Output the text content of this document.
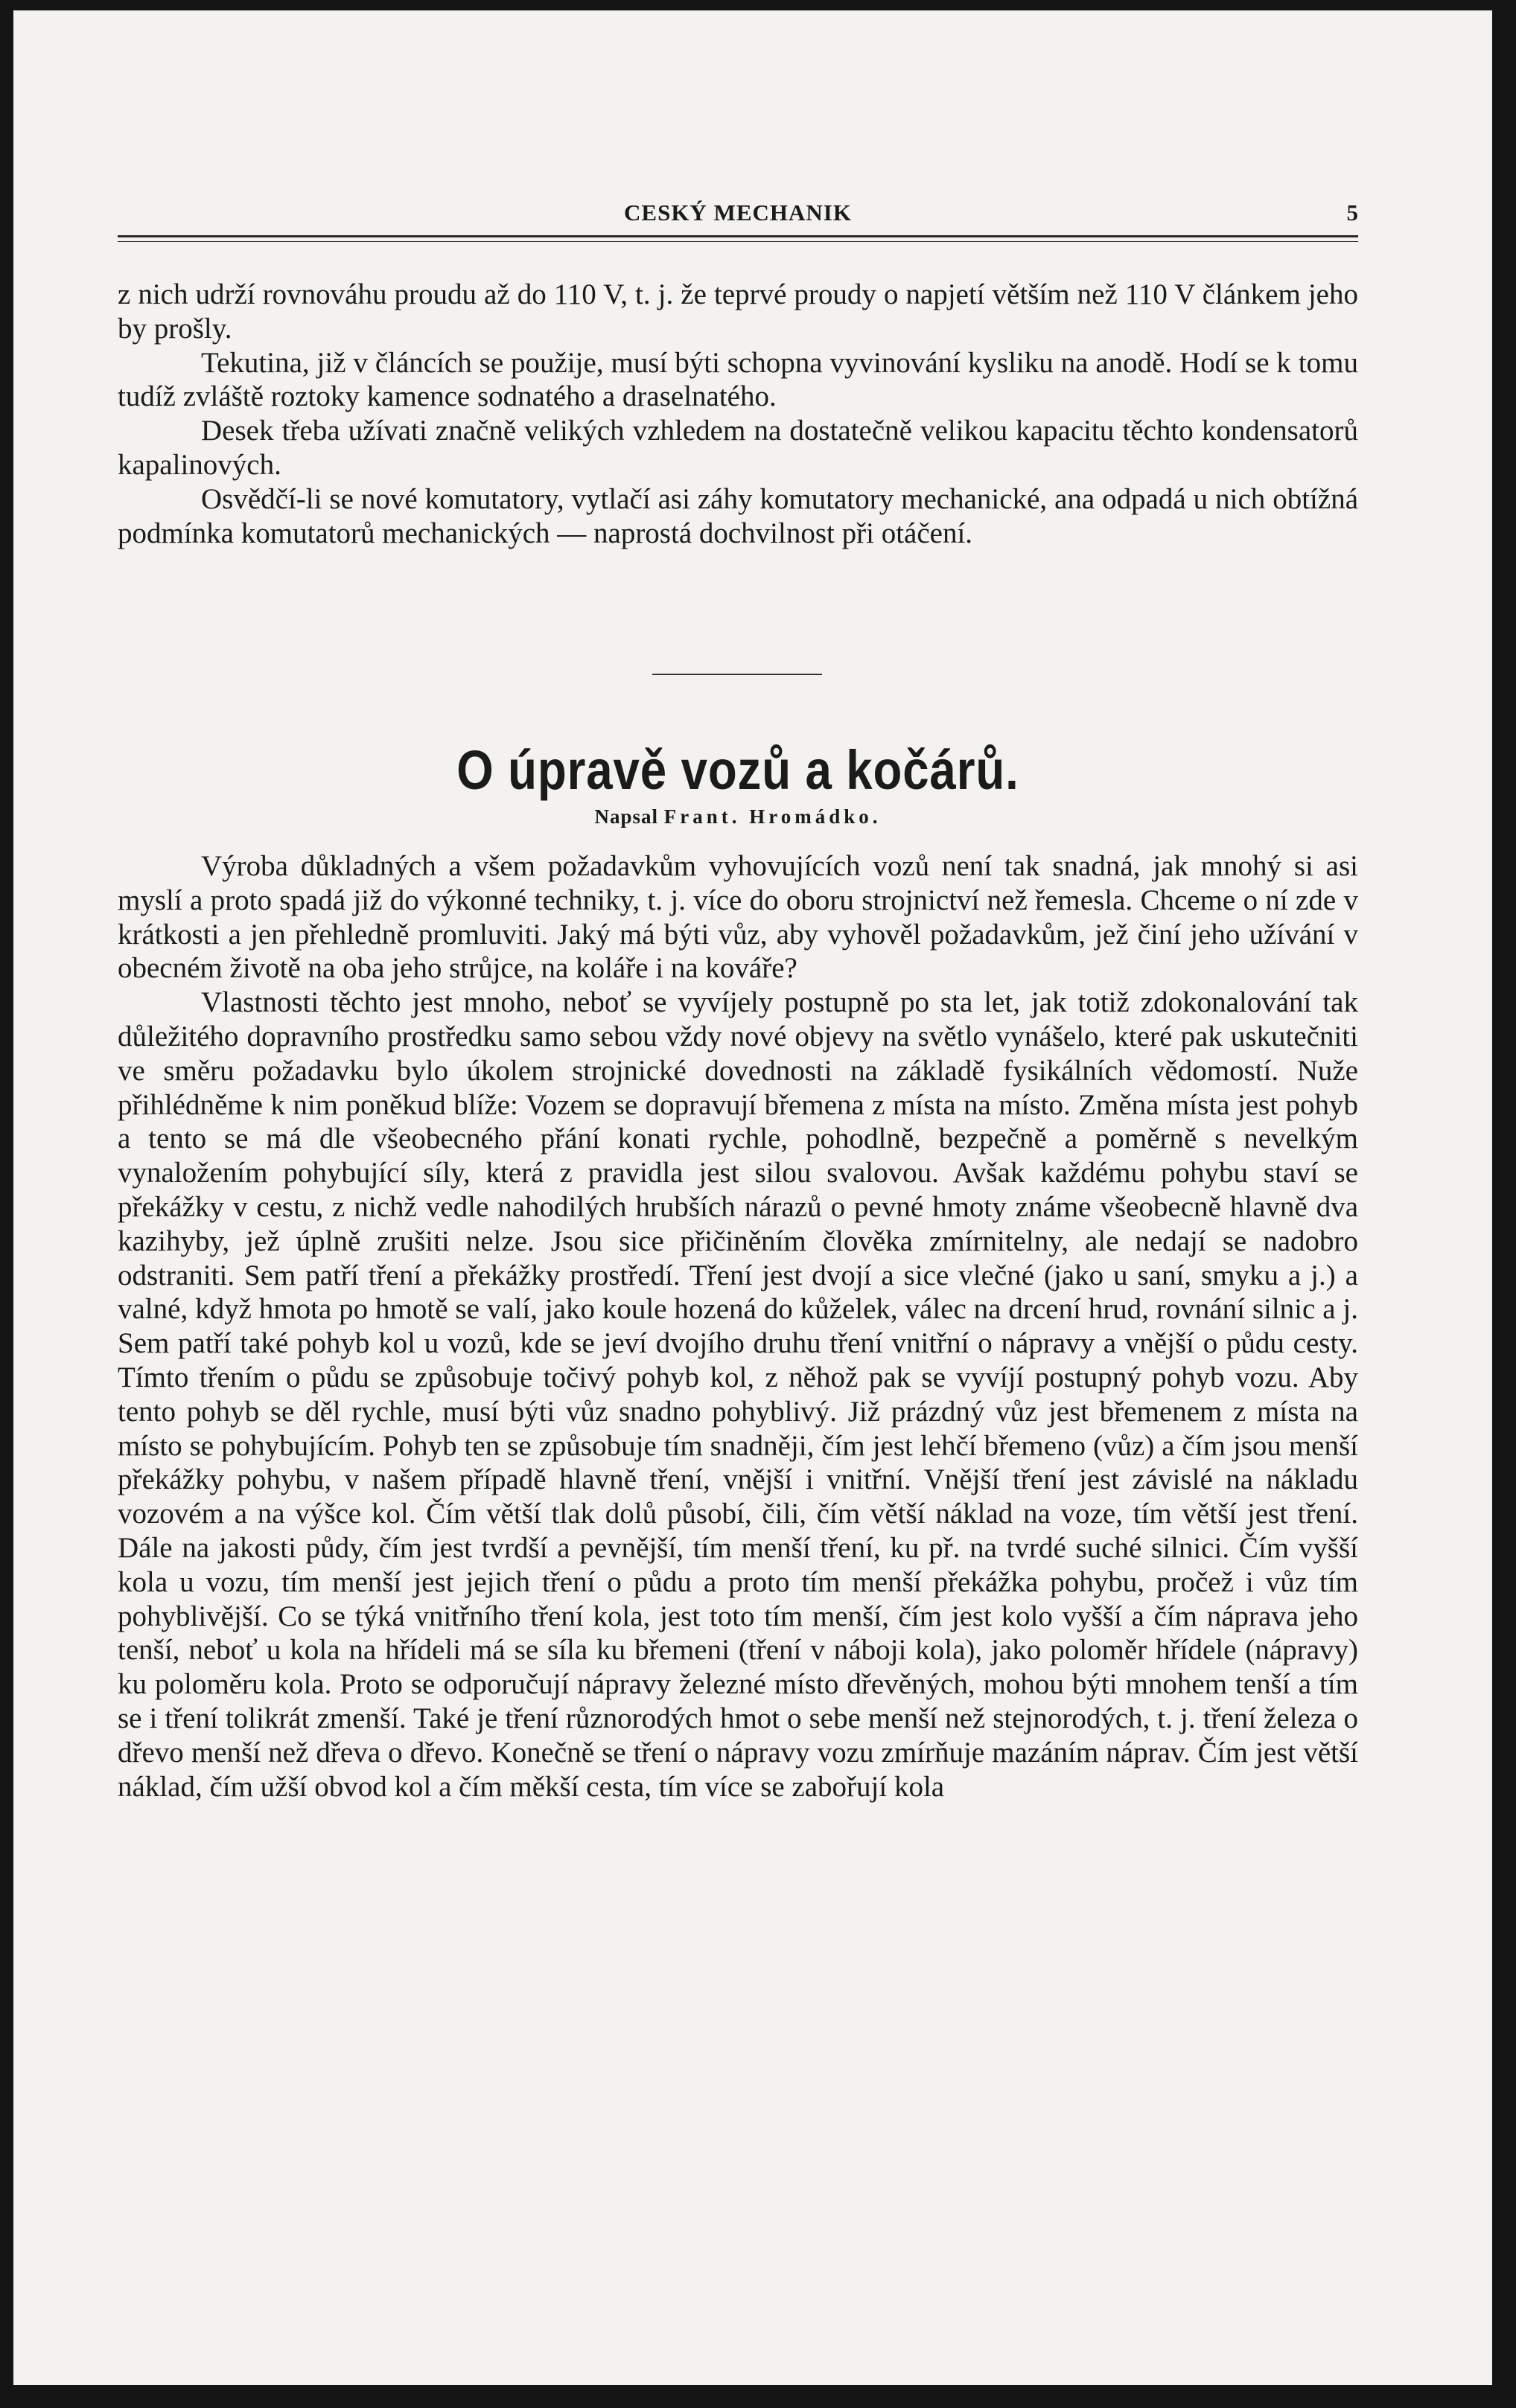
CESKÝ MECHANIK	5

z nich udrží rovnováhu proudu až do 110 V, t. j. že teprvé proudy o napjetí větším než 110 V článkem jeho by prošly.

Tekutina, již v článcích se použije, musí býti schopna vyvinování kysliku na anodě. Hodí se k tomu tudíž zvláště roztoky kamence sodnatého a draselnatého.

Desek třeba užívati značně velikých vzhledem na dostatečně velikou kapacitu těchto kondensatorů kapalinových.

Osvědčí-li se nové komutatory, vytlačí asi záhy komutatory mechanické, ana odpadá u nich obtížná podmínka komutatorů mechanických — naprostá dochvilnost při otáčení.

O úpravě vozů a kočárů.
Napsal Frant. Hromádko.

Výroba důkladných a všem požadavkům vyhovujících vozů není tak snadná, jak mnohý si asi myslí a proto spadá již do výkonné techniky, t. j. více do oboru strojnictví než řemesla. Chceme o ní zde v krátkosti a jen přehledně promluviti. Jaký má býti vůz, aby vyhověl požadavkům, jež činí jeho užívání v obecném životě na oba jeho strůjce, na koláře i na kováře?

Vlastnosti těchto jest mnoho, neboť se vyvíjely postupně po sta let, jak totiž zdokonalování tak důležitého dopravního prostředku samo sebou vždy nové objevy na světlo vynášelo, které pak uskutečniti ve směru požadavku bylo úkolem strojnické dovednosti na základě fysikálních vědomostí. Nuže přihlédněme k nim poněkud blíže: Vozem se dopravují břemena z místa na místo. Změna místa jest pohyb a tento se má dle všeobecného přání konati rychle, pohodlně, bezpečně a poměrně s nevelkým vynaložením pohybující síly, která z pravidla jest silou svalovou. Avšak každému pohybu staví se překážky v cestu, z nichž vedle nahodilých hrubších nárazů o pevné hmoty známe všeobecně hlavně dva kazihyby, jež úplně zrušiti nelze. Jsou sice přičiněním člověka zmírnitelny, ale nedají se nadobro odstraniti. Sem patří tření a překážky prostředí. Tření jest dvojí a sice vlečné (jako u saní, smyku a j.) a valné, když hmota po hmotě se valí, jako koule hozená do kůželek, válec na drcení hrud, rovnání silnic a j. Sem patří také pohyb kol u vozů, kde se jeví dvojího druhu tření vnitřní o nápravy a vnější o půdu cesty. Tímto třením o půdu se způsobuje točivý pohyb kol, z něhož pak se vyvíjí postupný pohyb vozu. Aby tento pohyb se děl rychle, musí býti vůz snadno pohyblivý. Již prázdný vůz jest břemenem z místa na místo se pohybujícím. Pohyb ten se způsobuje tím snadněji, čím jest lehčí břemeno (vůz) a čím jsou menší překážky pohybu, v našem případě hlavně tření, vnější i vnitřní. Vnější tření jest závislé na nákladu vozovém a na výšce kol. Čím větší tlak dolů působí, čili, čím větší náklad na voze, tím větší jest tření. Dále na jakosti půdy, čím jest tvrdší a pevnější, tím menší tření, ku př. na tvrdé suché silnici. Čím vyšší kola u vozu, tím menší jest jejich tření o půdu a proto tím menší překážka pohybu, pročež i vůz tím pohyblivější. Co se týká vnitřního tření kola, jest toto tím menší, čím jest kolo vyšší a čím náprava jeho tenší, neboť u kola na hřídeli má se síla ku břemeni (tření v náboji kola), jako poloměr hřídele (nápravy) ku poloměru kola. Proto se odporučují nápravy železné místo dřevěných, mohou býti mnohem tenší a tím se i tření tolikrát zmenší. Také je tření různorodých hmot o sebe menší než stejnorodých, t. j. tření železa o dřevo menší než dřeva o dřevo. Konečně se tření o nápravy vozu zmírňuje mazáním náprav. Čím jest větší náklad, čím užší obvod kol a čím měkší cesta, tím více se zabořují kola
